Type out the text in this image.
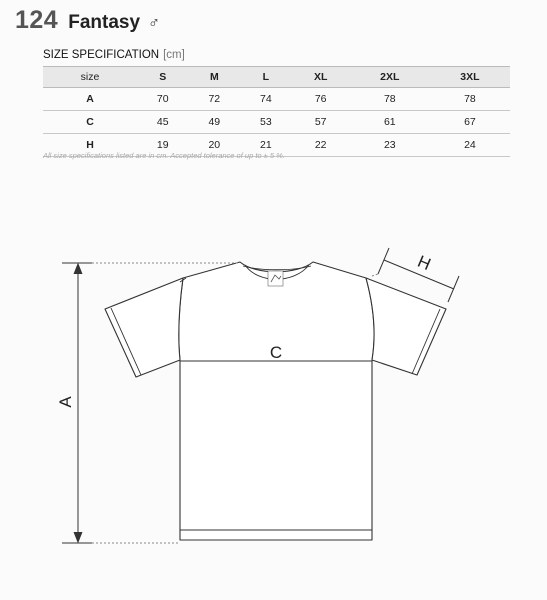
124 Fantasy ♂
SIZE SPECIFICATION [cm]
size	S	M	L	XL	2XL	3XL
A	70	72	74	76	78	78
C	45	49	53	57	61	67
H	19	20	21	22	23	24
All size specifications listed are in cm. Accepted tolerance of up to ± 5 %.
A
C
H
